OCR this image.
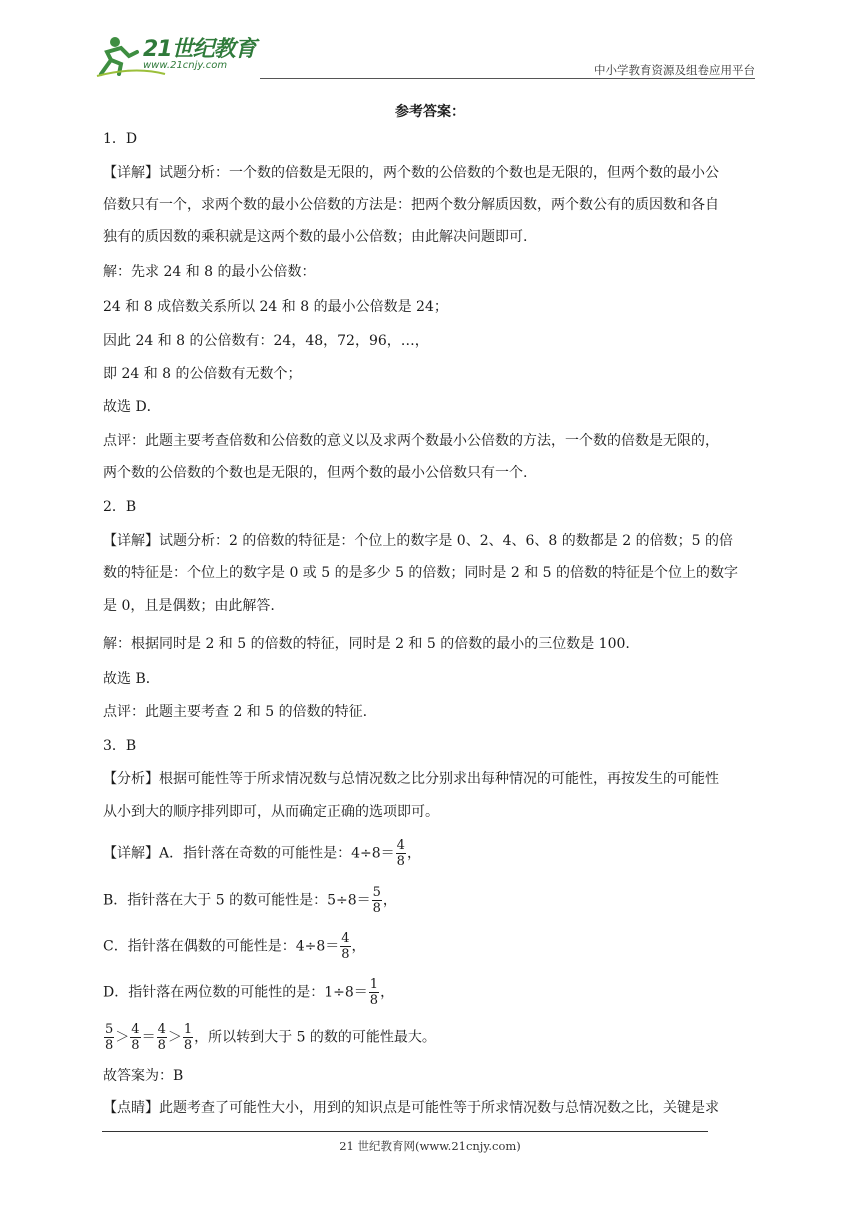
21世纪教育
www.21cnjy.com	中小学教育资源及组卷应用平台
参考答案：
1．D
【详解】试题分析：一个数的倍数是无限的，两个数的公倍数的个数也是无限的，但两个数的最小公
倍数只有一个，求两个数的最小公倍数的方法是：把两个数分解质因数，两个数公有的质因数和各自
独有的质因数的乘积就是这两个数的最小公倍数；由此解决问题即可.
解：先求 24 和 8 的最小公倍数：
24 和 8 成倍数关系所以 24 和 8 的最小公倍数是 24；
因此 24 和 8 的公倍数有：24，48，72，96，…，
即 24 和 8 的公倍数有无数个；
故选 D．
点评：此题主要考查倍数和公倍数的意义以及求两个数最小公倍数的方法，一个数的倍数是无限的，
两个数的公倍数的个数也是无限的，但两个数的最小公倍数只有一个.
2．B
【详解】试题分析：2 的倍数的特征是：个位上的数字是 0、2、4、6、8 的数都是 2 的倍数；5 的倍
数的特征是：个位上的数字是 0 或 5 的是多少 5 的倍数；同时是 2 和 5 的倍数的特征是个位上的数字
是 0，且是偶数；由此解答.
解：根据同时是 2 和 5 的倍数的特征，同时是 2 和 5 的倍数的最小的三位数是 100.
故选 B．
点评：此题主要考查 2 和 5 的倍数的特征.
3．B
【分析】根据可能性等于所求情况数与总情况数之比分别求出每种情况的可能性，再按发生的可能性
从小到大的顺序排列即可，从而确定正确的选项即可。
【详解】A．指针落在奇数的可能性是：$4\div 8= \frac{4}{8}$ ，
B．指针落在大于 5 的数可能性是：$5\div 8= \frac{5}{8}$ ，
C．指针落在偶数的可能性是：$4\div 8= \frac{4}{8}$ ，
D．指针落在两位数的可能性的是：$1\div 8= \frac{1}{8}$ ，
$\frac{5}{8} > \frac{4}{8} = \frac{4}{8} > \frac{1}{8}$ ，所以转到大于 5 的数的可能性最大。
故答案为：B
【点睛】此题考查了可能性大小，用到的知识点是可能性等于所求情况数与总情况数之比，关键是求
21 世纪教育网(www.21cnjy.com)
